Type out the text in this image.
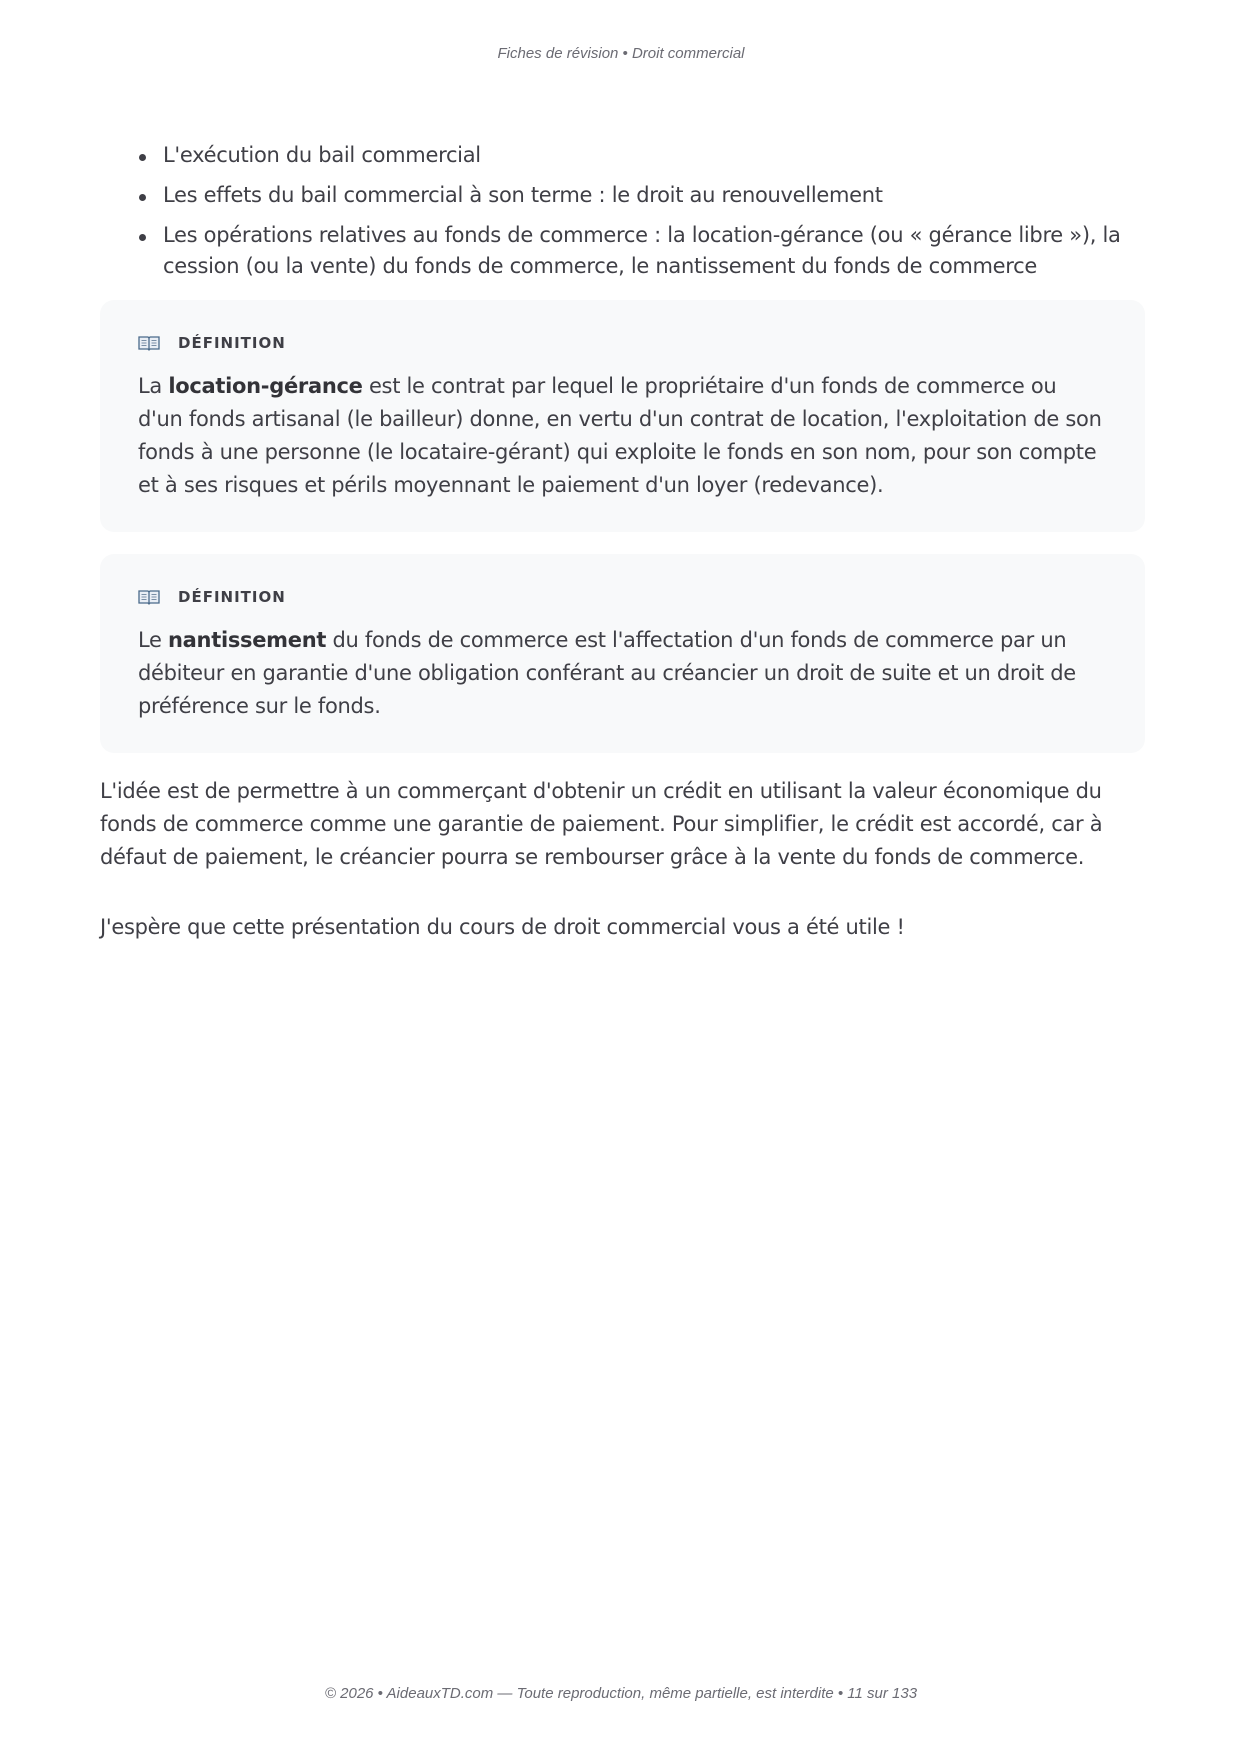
Fiches de révision • Droit commercial
L'exécution du bail commercial
Les effets du bail commercial à son terme : le droit au renouvellement
Les opérations relatives au fonds de commerce : la location-gérance (ou « gérance libre »), la cession (ou la vente) du fonds de commerce, le nantissement du fonds de commerce
DÉFINITION

La location-gérance est le contrat par lequel le propriétaire d'un fonds de commerce ou d'un fonds artisanal (le bailleur) donne, en vertu d'un contrat de location, l'exploitation de son fonds à une personne (le locataire-gérant) qui exploite le fonds en son nom, pour son compte et à ses risques et périls moyennant le paiement d'un loyer (redevance).

DÉFINITION

Le nantissement du fonds de commerce est l'affectation d'un fonds de commerce par un débiteur en garantie d'une obligation conférant au créancier un droit de suite et un droit de préférence sur le fonds.

L'idée est de permettre à un commerçant d'obtenir un crédit en utilisant la valeur économique du fonds de commerce comme une garantie de paiement. Pour simplifier, le crédit est accordé, car à défaut de paiement, le créancier pourra se rembourser grâce à la vente du fonds de commerce.

J'espère que cette présentation du cours de droit commercial vous a été utile !

© 2026 • AideauxTD.com — Toute reproduction, même partielle, est interdite • 11 sur 133
